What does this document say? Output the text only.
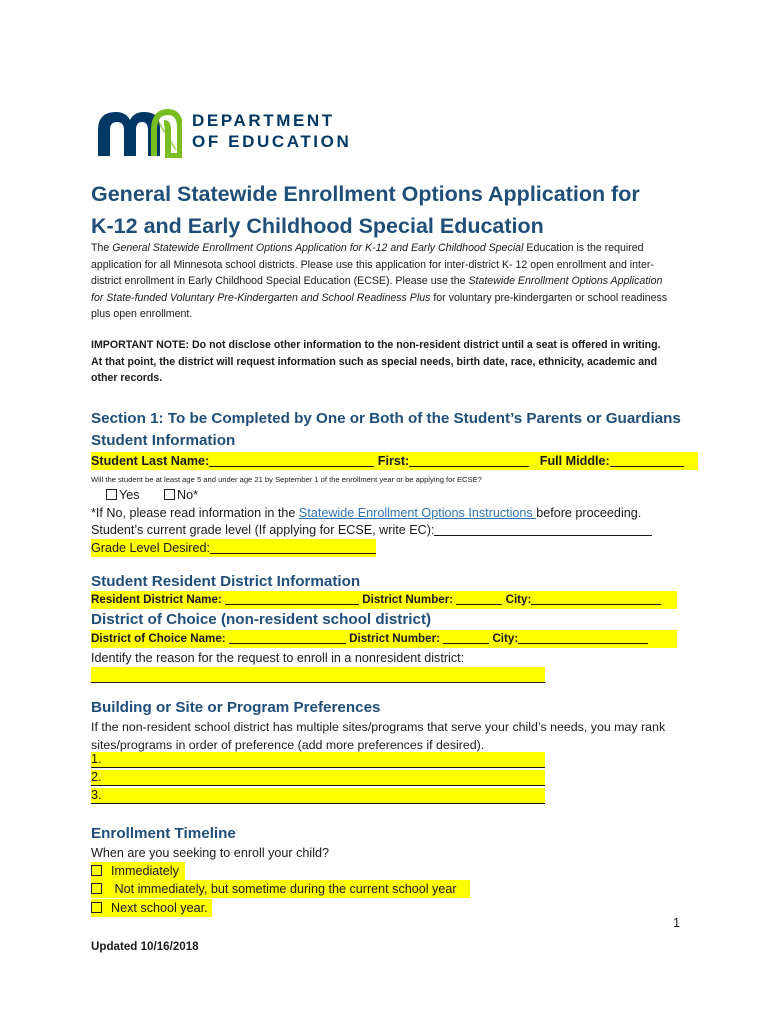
DEPARTMENT
OF EDUCATION
General Statewide Enrollment Options Application for
K-12 and Early Childhood Special Education
The General Statewide Enrollment Options Application for K-12 and Early Childhood Special Education is the required application for all Minnesota school districts. Please use this application for inter-district K- 12 open enrollment and inter-district enrollment in Early Childhood Special Education (ECSE). Please use the Statewide Enrollment Options Application for State-funded Voluntary Pre-Kindergarten and School Readiness Plus for voluntary pre-kindergarten or school readiness plus open enrollment.
IMPORTANT NOTE: Do not disclose other information to the non-resident district until a seat is offered in writing. At that point, the district will request information such as special needs, birth date, race, ethnicity, academic and other records.
Section 1: To be Completed by One or Both of the Student’s Parents or Guardians
Student Information
Student Last Name:	First:	Full Middle:
Will the student be at least age 5 and under age 21 by September 1 of the enrollment year or be applying for ECSE?
Yes	No*
*If No, please read information in the Statewide Enrollment Options Instructions before proceeding.
Student’s current grade level (If applying for ECSE, write EC):
Grade Level Desired:
Student Resident District Information
Resident District Name:	District Number:	City:
District of Choice (non-resident school district)
District of Choice Name:	District Number:	City:
Identify the reason for the request to enroll in a nonresident district:
Building or Site or Program Preferences
If the non-resident school district has multiple sites/programs that serve your child’s needs, you may rank sites/programs in order of preference (add more preferences if desired).
1.
2.
3.
Enrollment Timeline
When are you seeking to enroll your child?
Immediately
Not immediately, but sometime during the current school year
Next school year.
1
Updated 10/16/2018
